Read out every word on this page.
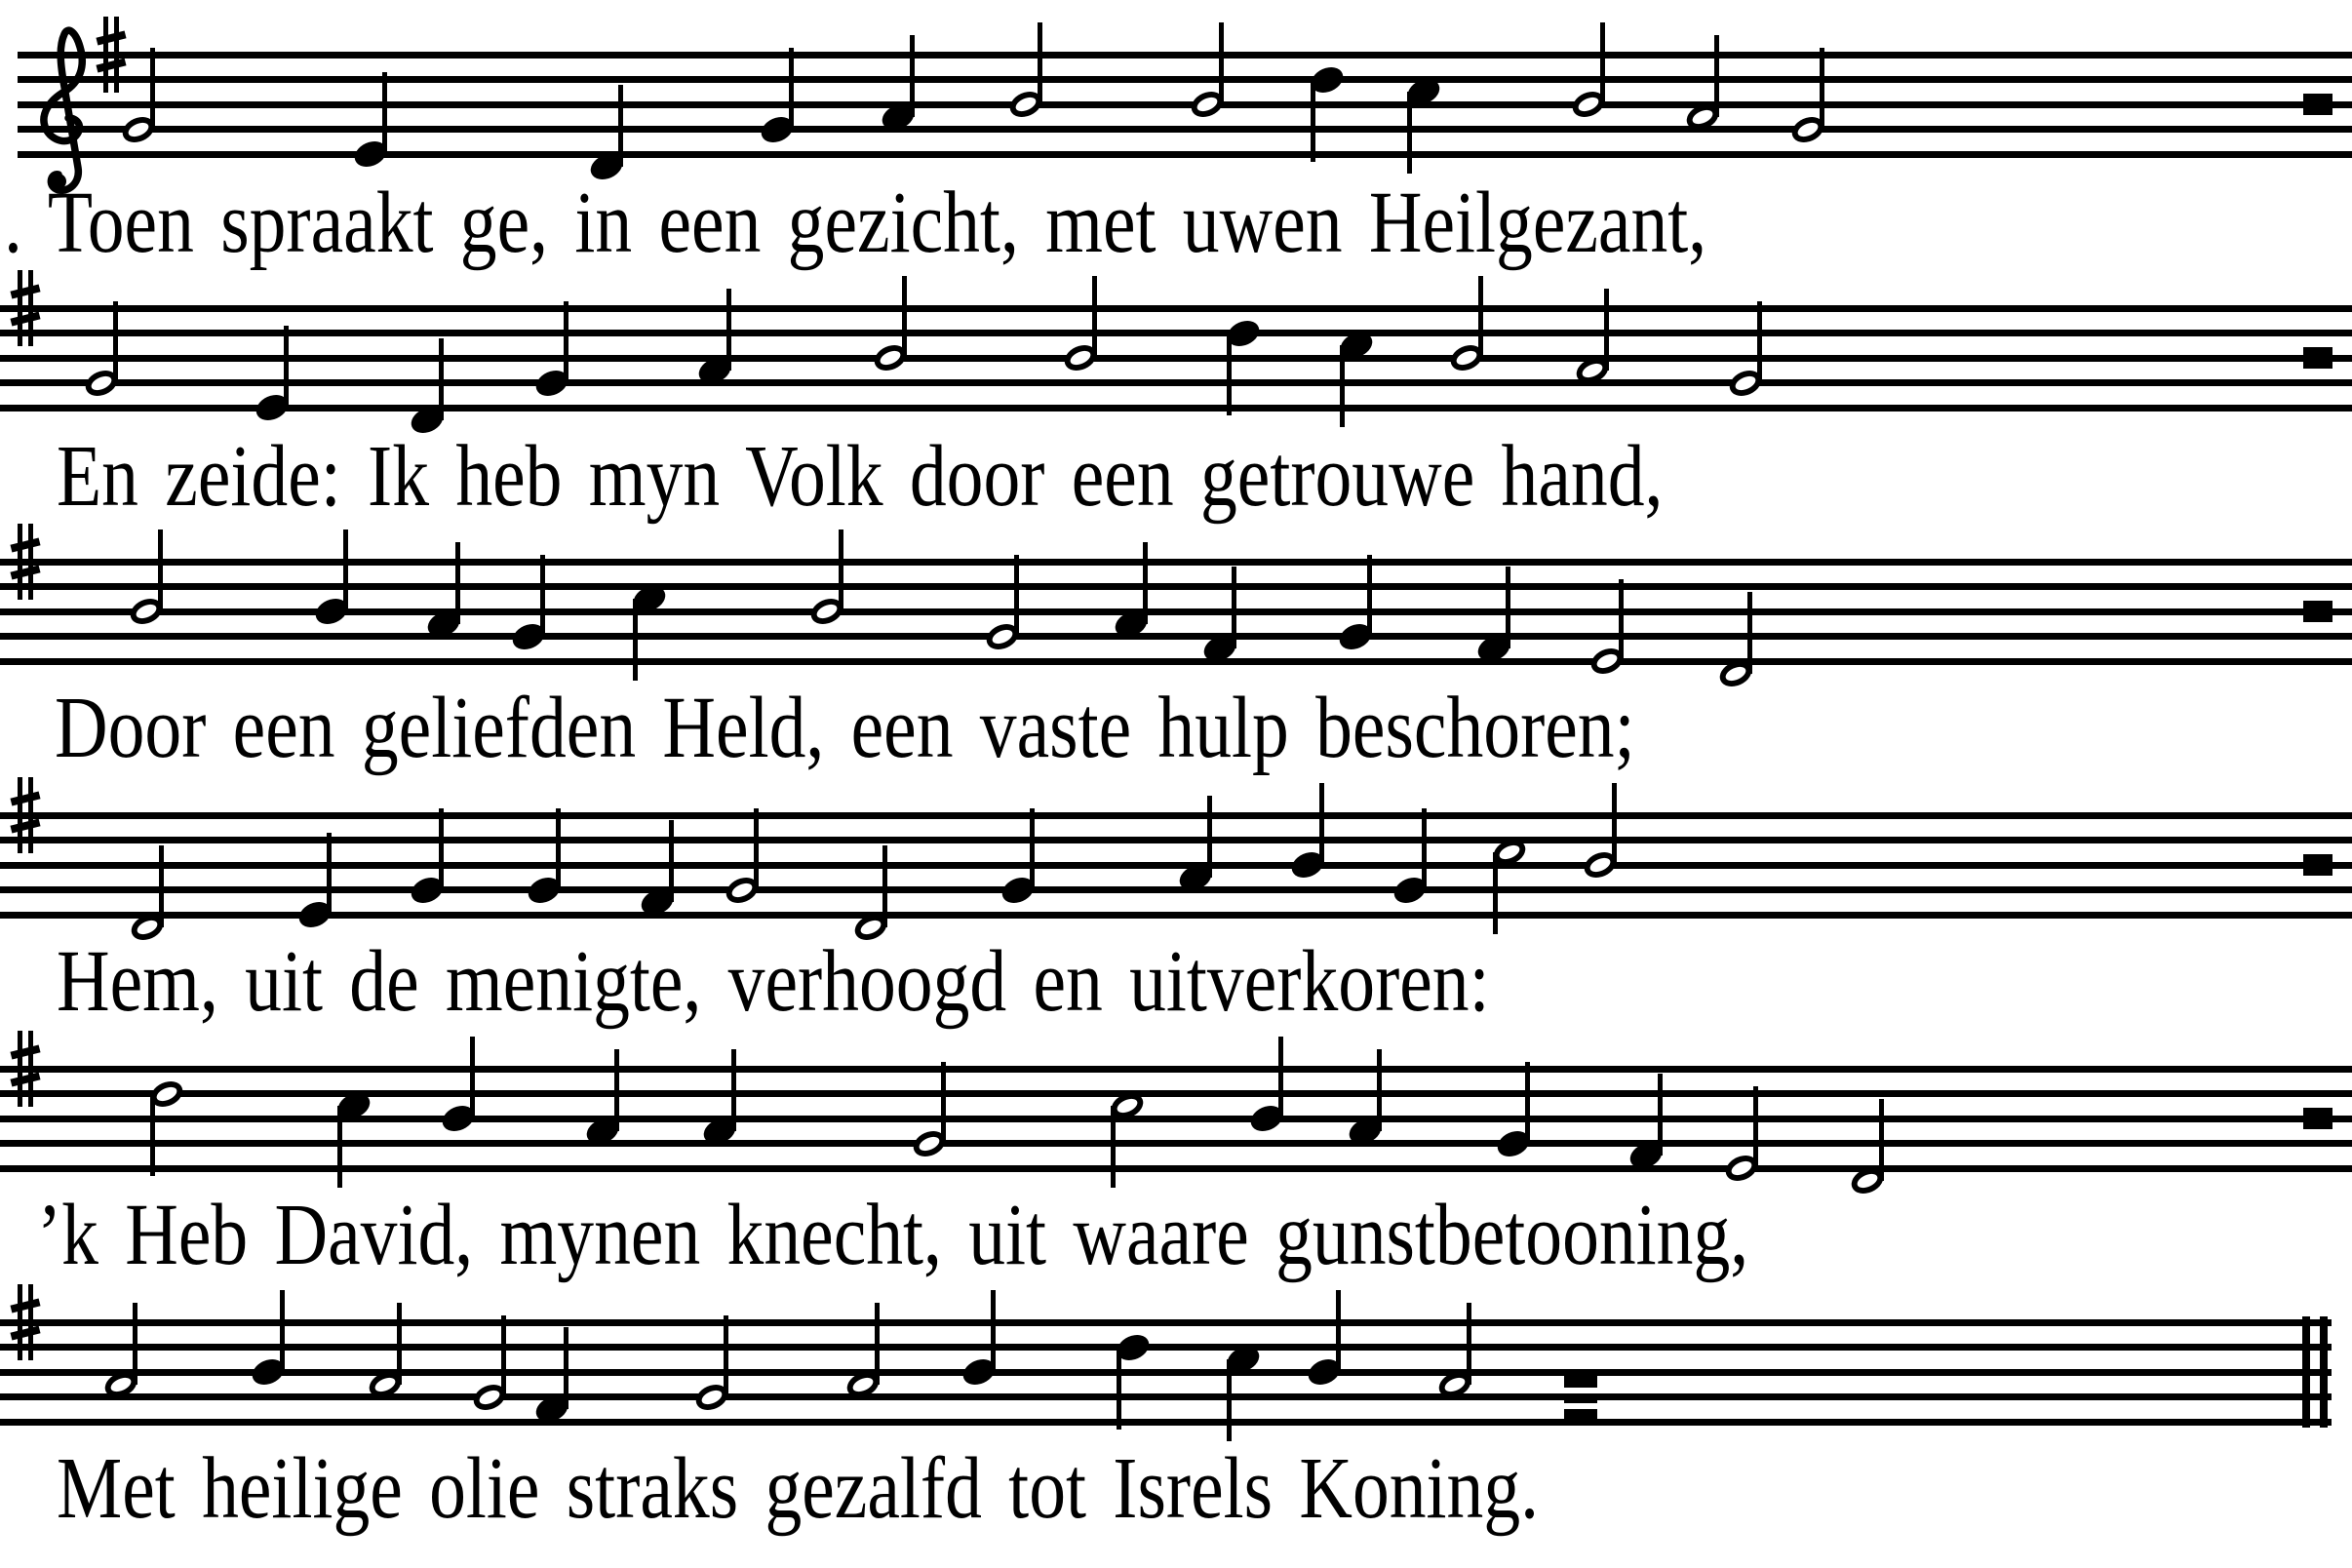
. Toen spraakt ge, in een gezicht, met uwen Heilgezant,
En zeide: Ik heb myn Volk door een getrouwe hand,
Door een geliefden Held, een vaste hulp beschoren;
Hem, uit de menigte, verhoogd en uitverkoren:
’k Heb David, mynen knecht, uit waare gunstbetooning,
Met heilige olie straks gezalfd tot Isrels Koning.
